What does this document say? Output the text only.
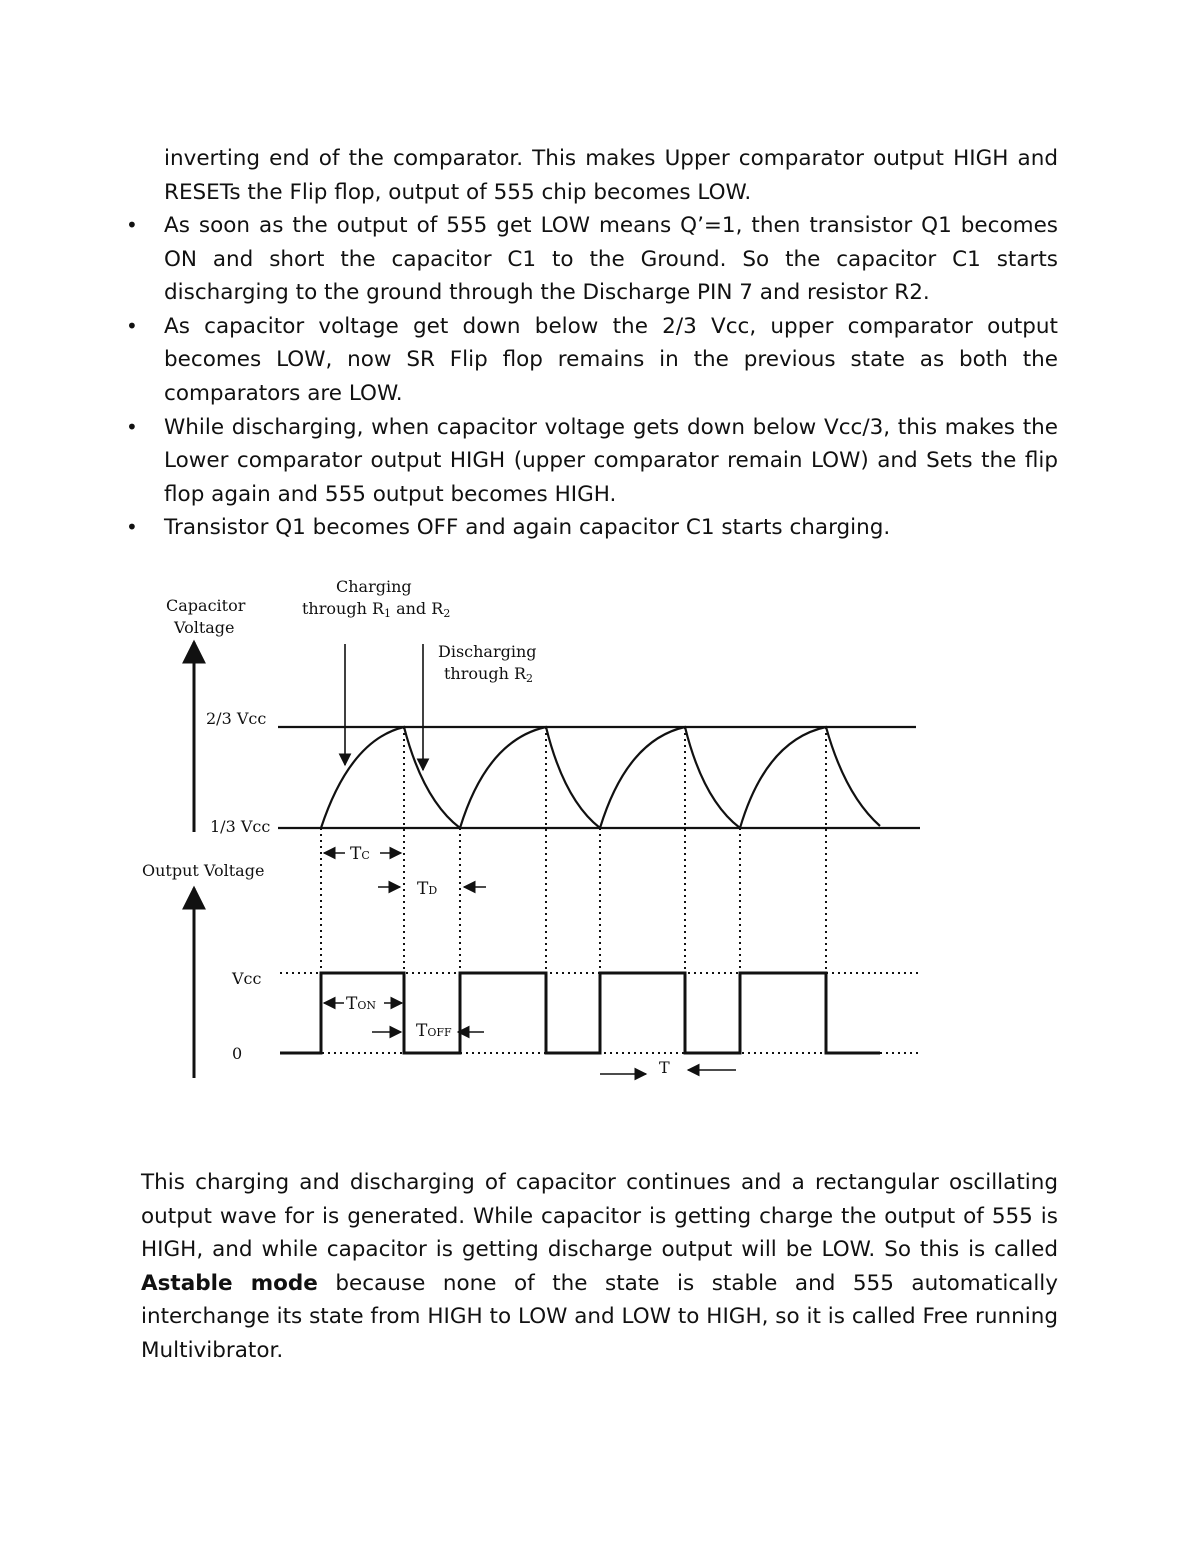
inverting end of the comparator. This makes Upper comparator output HIGH and RESETs the Flip flop, output of 555 chip becomes LOW.
• As soon as the output of 555 get LOW means Q’=1, then transistor Q1 becomes ON and short the capacitor C1 to the Ground. So the capacitor C1 starts discharging to the ground through the Discharge PIN 7 and resistor R2.
• As capacitor voltage get down below the 2/3 Vcc, upper comparator output becomes LOW, now SR Flip flop remains in the previous state as both the comparators are LOW.
• While discharging, when capacitor voltage gets down below Vcc/3, this makes the Lower comparator output HIGH (upper comparator remain LOW) and Sets the flip flop again and 555 output becomes HIGH.
• Transistor Q1 becomes OFF and again capacitor C1 starts charging.
Capacitor Voltage
Charging through R1 and R2
Discharging through R2
2/3 Vcc
1/3 Vcc
TC
TD
Output Voltage
Vcc
0
TON
TOFF
T
This charging and discharging of capacitor continues and a rectangular oscillating output wave for is generated. While capacitor is getting charge the output of 555 is HIGH, and while capacitor is getting discharge output will be LOW. So this is called Astable mode because none of the state is stable and 555 automatically interchange its state from HIGH to LOW and LOW to HIGH, so it is called Free running Multivibrator.
